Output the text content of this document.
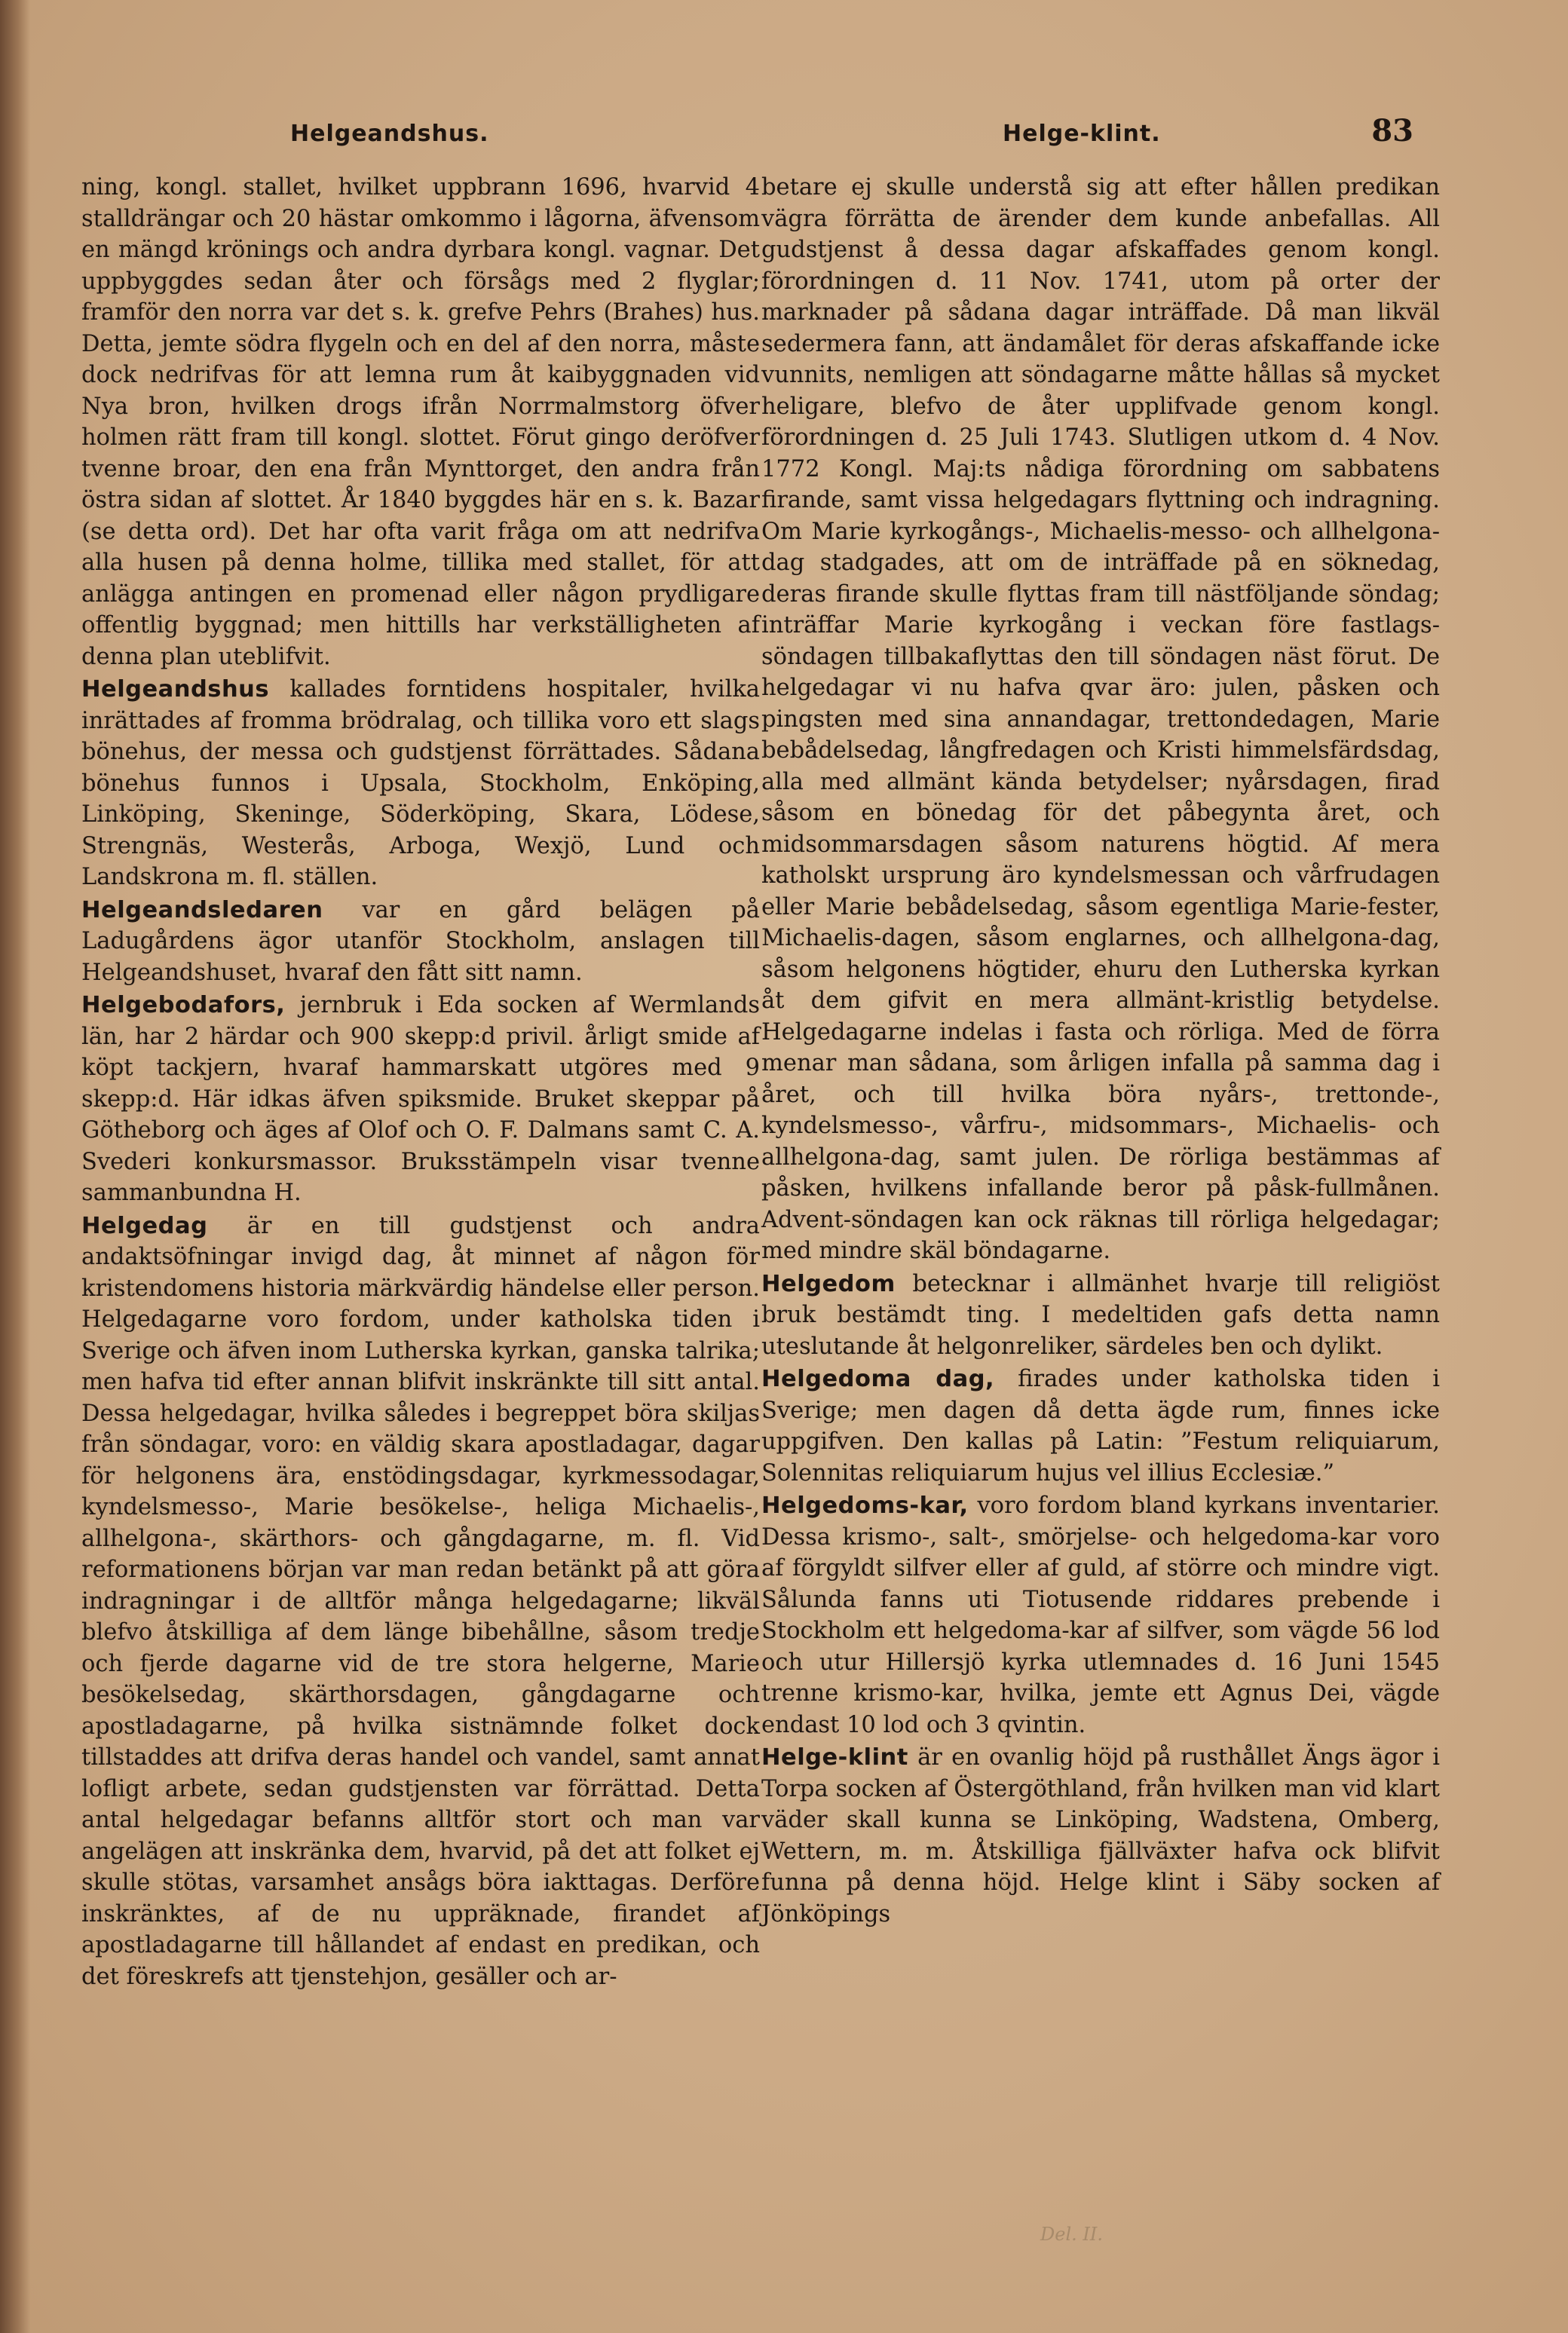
Helgeandshus.	Helge-klint.	83

ning, kongl. stallet, hvilket uppbrann 1696, hvarvid 4 stalldrängar och 20 hästar omkommo i lågorna, äfvensom en mängd krönings och andra dyrbara kongl. vagnar. Det uppbyggdes sedan åter och försågs med 2 flyglar; framför den norra var det s. k. grefve Pehrs (Brahes) hus. Detta, jemte södra flygeln och en del af den norra, måste dock nedrifvas för att lemna rum åt kaibyggnaden vid Nya bron, hvilken drogs ifrån Norrmalmstorg öfver holmen rätt fram till kongl. slottet. Förut gingo deröfver tvenne broar, den ena från Mynttorget, den andra från östra sidan af slottet. År 1840 byggdes här en s. k. Bazar (se detta ord). Det har ofta varit fråga om att nedrifva alla husen på denna holme, tillika med stallet, för att anlägga antingen en promenad eller någon prydligare offentlig byggnad; men hittills har verkställigheten af denna plan uteblifvit.

Helgeandshus kallades forntidens hospitaler, hvilka inrättades af fromma brödralag, och tillika voro ett slags bönehus, der messa och gudstjenst förrättades. Sådana bönehus funnos i Upsala, Stockholm, Enköping, Linköping, Skeninge, Söderköping, Skara, Lödese, Strengnäs, Westerås, Arboga, Wexjö, Lund och Landskrona m. fl. ställen.

Helgeandsledaren var en gård belägen på Ladugårdens ägor utanför Stockholm, anslagen till Helgeandshuset, hvaraf den fått sitt namn.

Helgebodafors, jernbruk i Eda socken af Wermlands län, har 2 härdar och 900 skepp:d privil. årligt smide af köpt tackjern, hvaraf hammarskatt utgöres med 9 skepp:d. Här idkas äfven spiksmide. Bruket skeppar på Götheborg och äges af Olof och O. F. Dalmans samt C. A. Svederi konkursmassor. Bruksstämpeln visar tvenne sammanbundna H.

Helgedag är en till gudstjenst och andra andaktsöfningar invigd dag, åt minnet af någon för kristendomens historia märkvärdig händelse eller person. Helgedagarne voro fordom, under katholska tiden i Sverige och äfven inom Lutherska kyrkan, ganska talrika; men hafva tid efter annan blifvit inskränkte till sitt antal. Dessa helgedagar, hvilka således i begreppet böra skiljas från söndagar, voro: en väldig skara apostladagar, dagar för helgonens ära, enstödingsdagar, kyrkmessodagar, kyndelsmesso-, Marie besökelse-, heliga Michaelis-, allhelgona-, skärthors- och gångdagarne, m. fl. Vid reformationens början var man redan betänkt på att göra indragningar i de alltför många helgedagarne; likväl blefvo åtskilliga af dem länge bibehållne, såsom tredje och fjerde dagarne vid de tre stora helgerne, Marie besökelsedag, skärthorsdagen, gångdagarne och apostladagarne, på hvilka sistnämnde folket dock tillstaddes att drifva deras handel och vandel, samt annat lofligt arbete, sedan gudstjensten var förrättad. Detta antal helgedagar befanns alltför stort och man var angelägen att inskränka dem, hvarvid, på det att folket ej skulle stötas, varsamhet ansågs böra iakttagas. Derföre inskränktes, af de nu uppräknade, firandet af apostladagarne till hållandet af endast en predikan, och det föreskrefs att tjenstehjon, gesäller och ar-

betare ej skulle understå sig att efter hållen predikan vägra förrätta de ärender dem kunde anbefallas. All gudstjenst å dessa dagar afskaffades genom kongl. förordningen d. 11 Nov. 1741, utom på orter der marknader på sådana dagar inträffade. Då man likväl sedermera fann, att ändamålet för deras afskaffande icke vunnits, nemligen att söndagarne måtte hållas så mycket heligare, blefvo de åter upplifvade genom kongl. förordningen d. 25 Juli 1743. Slutligen utkom d. 4 Nov. 1772 Kongl. Maj:ts nådiga förordning om sabbatens firande, samt vissa helgedagars flyttning och indragning. Om Marie kyrkogångs-, Michaelis-messo- och allhelgona-dag stadgades, att om de inträffade på en söknedag, deras firande skulle flyttas fram till nästföljande söndag; inträffar Marie kyrkogång i veckan före fastlags-söndagen tillbakaflyttas den till söndagen näst förut. De helgedagar vi nu hafva qvar äro: julen, påsken och pingsten med sina annandagar, trettondedagen, Marie bebådelsedag, långfredagen och Kristi himmelsfärdsdag, alla med allmänt kända betydelser; nyårsdagen, firad såsom en bönedag för det påbegynta året, och midsommarsdagen såsom naturens högtid. Af mera katholskt ursprung äro kyndelsmessan och vårfrudagen eller Marie bebådelsedag, såsom egentliga Marie-fester, Michaelis-dagen, såsom englarnes, och allhelgona-dag, såsom helgonens högtider, ehuru den Lutherska kyrkan åt dem gifvit en mera allmänt-kristlig betydelse. Helgedagarne indelas i fasta och rörliga. Med de förra menar man sådana, som årligen infalla på samma dag i året, och till hvilka böra nyårs-, trettonde-, kyndelsmesso-, vårfru-, midsommars-, Michaelis- och allhelgona-dag, samt julen. De rörliga bestämmas af påsken, hvilkens infallande beror på påsk-fullmånen. Advent-söndagen kan ock räknas till rörliga helgedagar; med mindre skäl böndagarne.

Helgedom betecknar i allmänhet hvarje till religiöst bruk bestämdt ting. I medeltiden gafs detta namn uteslutande åt helgonreliker, särdeles ben och dylikt.

Helgedoma dag, firades under katholska tiden i Sverige; men dagen då detta ägde rum, finnes icke uppgifven. Den kallas på Latin: ”Festum reliquiarum, Solennitas reliquiarum hujus vel illius Ecclesiæ.”

Helgedoms-kar, voro fordom bland kyrkans inventarier. Dessa krismo-, salt-, smörjelse- och helgedoma-kar voro af förgyldt silfver eller af guld, af större och mindre vigt. Sålunda fanns uti Tiotusende riddares prebende i Stockholm ett helgedoma-kar af silfver, som vägde 56 lod och utur Hillersjö kyrka utlemnades d. 16 Juni 1545 trenne krismo-kar, hvilka, jemte ett Agnus Dei, vägde endast 10 lod och 3 qvintin.

Helge-klint är en ovanlig höjd på rusthållet Ängs ägor i Torpa socken af Östergöthland, från hvilken man vid klart väder skall kunna se Linköping, Wadstena, Omberg, Wettern, m. m. Åtskilliga fjällväxter hafva ock blifvit funna på denna höjd. Helge klint i Säby socken af Jönköpings

Del. II.
